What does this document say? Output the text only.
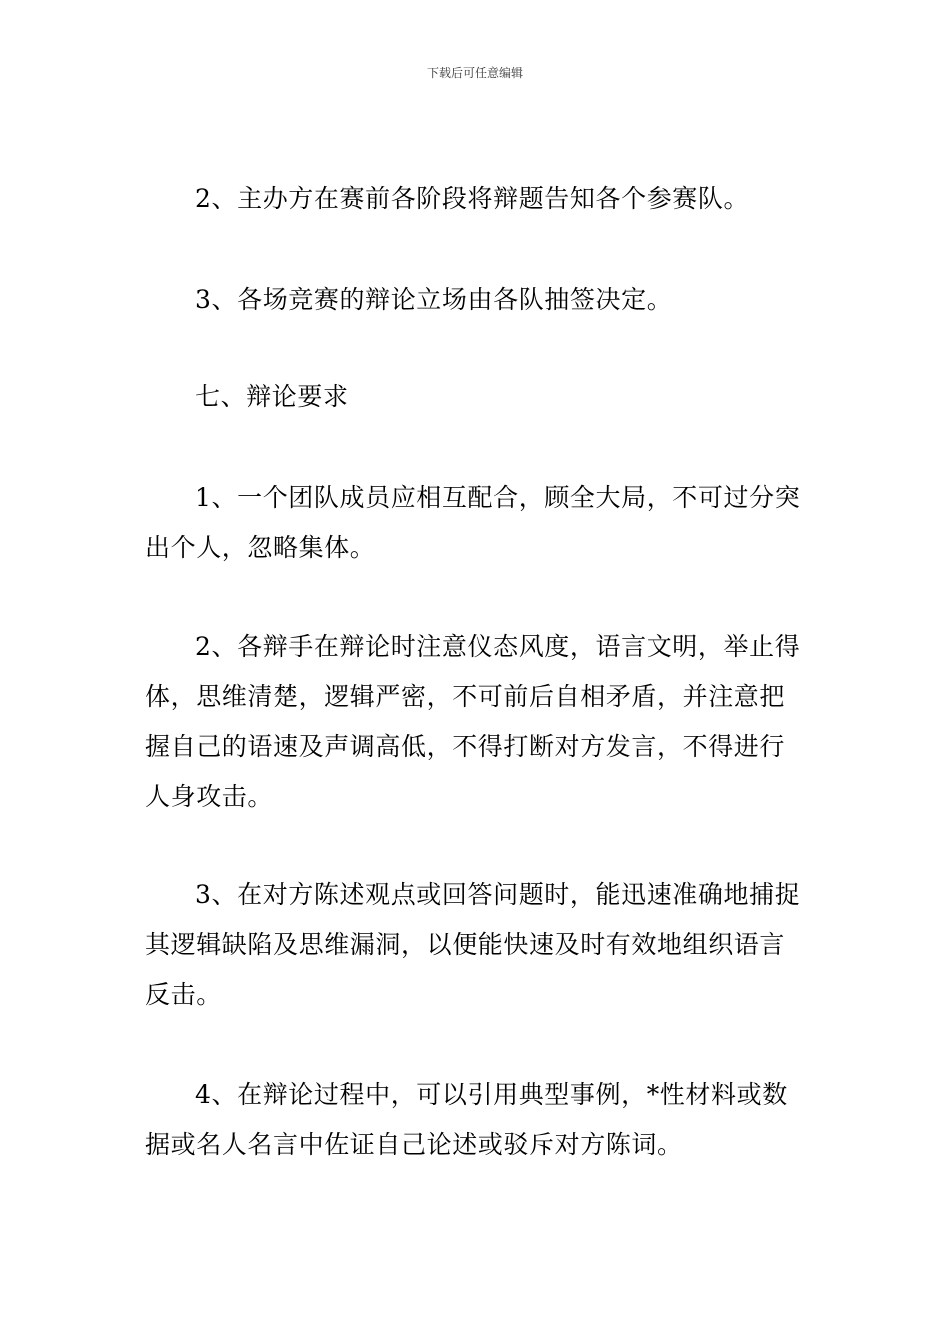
下载后可任意编辑

2、主办方在赛前各阶段将辩题告知各个参赛队。

3、各场竞赛的辩论立场由各队抽签决定。

七、辩论要求

1、一个团队成员应相互配合，顾全大局，不可过分突出个人，忽略集体。

2、各辩手在辩论时注意仪态风度，语言文明，举止得体，思维清楚，逻辑严密，不可前后自相矛盾，并注意把握自己的语速及声调高低，不得打断对方发言，不得进行人身攻击。

3、在对方陈述观点或回答问题时，能迅速准确地捕捉其逻辑缺陷及思维漏洞，以便能快速及时有效地组织语言反击。

4、在辩论过程中，可以引用典型事例，*性材料或数据或名人名言中佐证自己论述或驳斥对方陈词。
